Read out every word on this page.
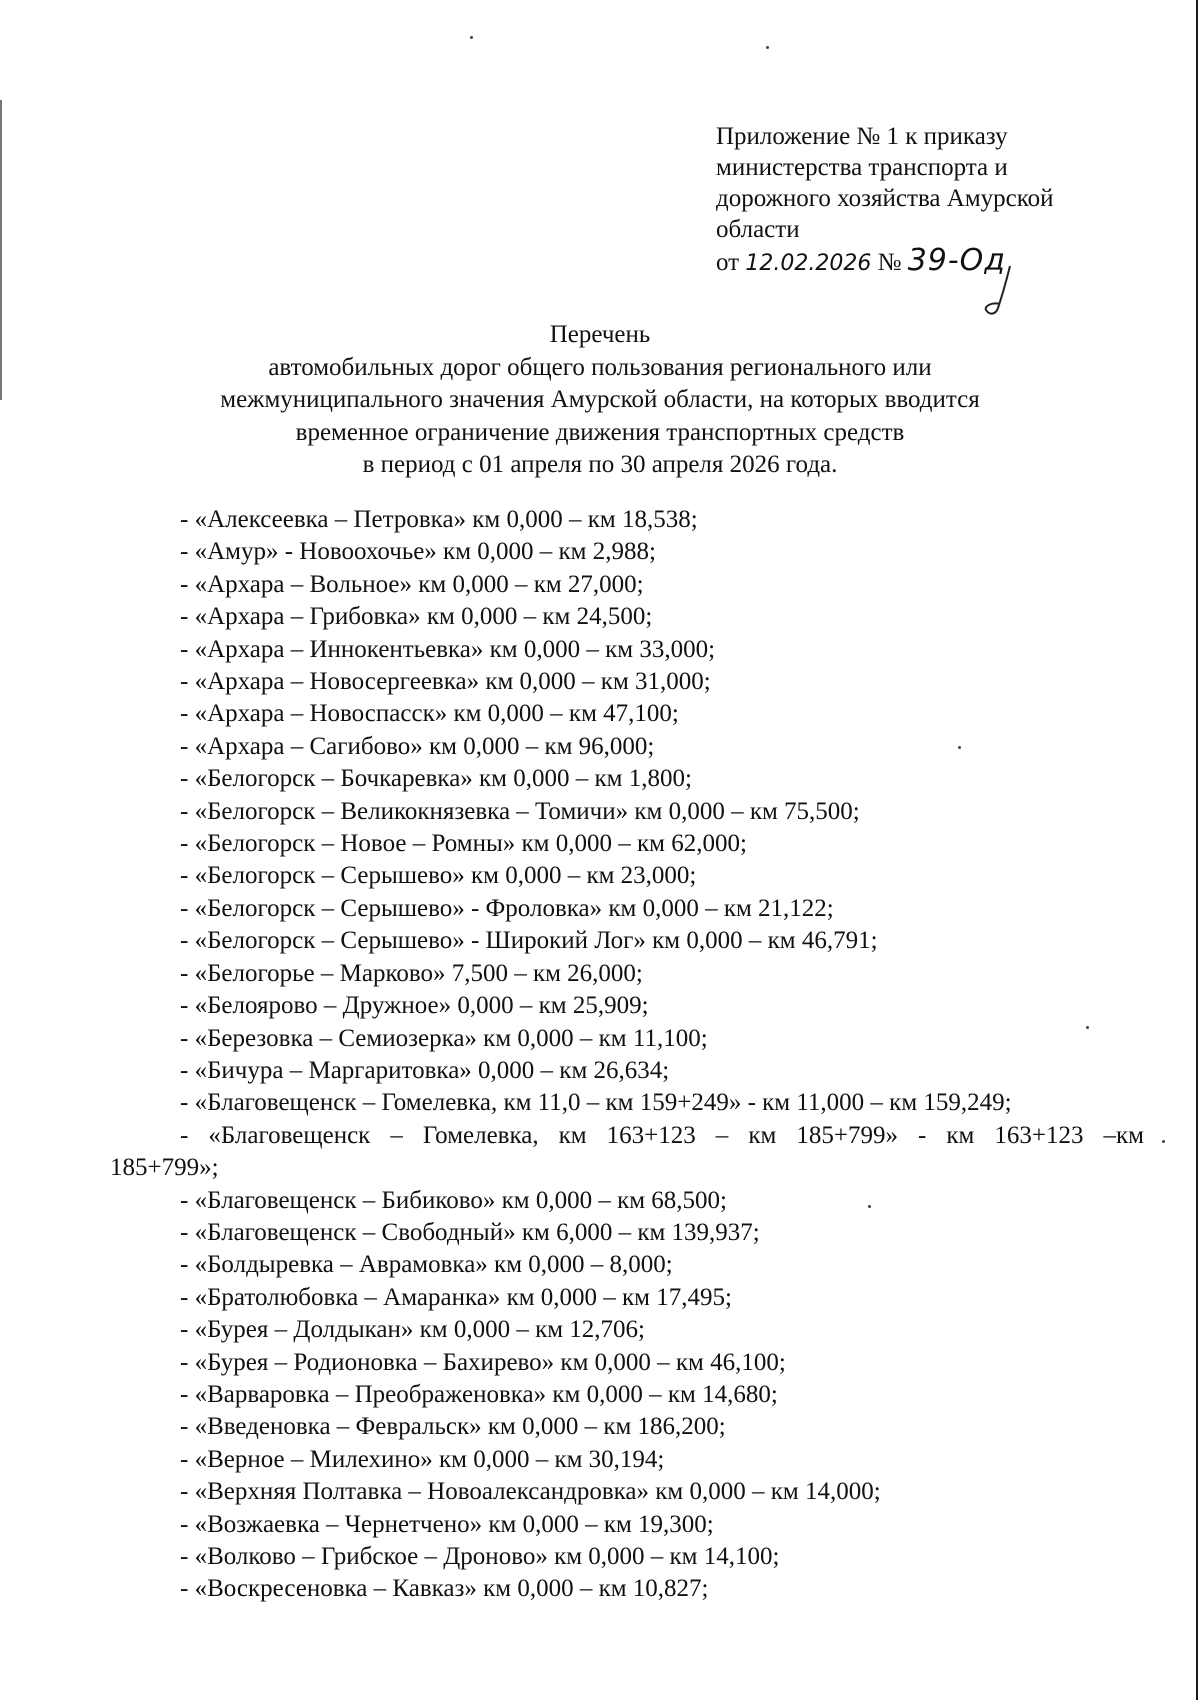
Приложение № 1 к приказу
министерства транспорта и
дорожного хозяйства Амурской
области
от 12.02.2026 № 39-Од
Перечень
автомобильных дорог общего пользования регионального или
межмуниципального значения Амурской области, на которых вводится
временное ограничение движения транспортных средств
в период с 01 апреля по 30 апреля 2026 года.
- «Алексеевка – Петровка» км 0,000 – км 18,538;
- «Амур» - Новоохочье» км 0,000 – км 2,988;
- «Архара – Вольное» км 0,000 – км 27,000;
- «Архара – Грибовка» км 0,000 – км 24,500;
- «Архара – Иннокентьевка» км 0,000 – км 33,000;
- «Архара – Новосергеевка» км 0,000 – км 31,000;
- «Архара – Новоспасск» км 0,000 – км 47,100;
- «Архара – Сагибово» км 0,000 – км 96,000;
- «Белогорск – Бочкаревка» км 0,000 – км 1,800;
- «Белогорск – Великокнязевка – Томичи» км 0,000 – км 75,500;
- «Белогорск – Новое – Ромны» км 0,000 – км 62,000;
- «Белогорск – Серышево» км 0,000 – км 23,000;
- «Белогорск – Серышево» - Фроловка» км 0,000 – км 21,122;
- «Белогорск – Серышево» - Широкий Лог» км 0,000 – км 46,791;
- «Белогорье – Марково» 7,500 – км 26,000;
- «Белоярово – Дружное» 0,000 – км 25,909;
- «Березовка – Семиозерка» км 0,000 – км 11,100;
- «Бичура – Маргаритовка» 0,000 – км 26,634;
- «Благовещенск – Гомелевка, км 11,0 – км 159+249» - км 11,000 – км 159,249;
- «Благовещенск – Гомелевка, км 163+123 – км 185+799» - км 163+123 –км
185+799»;
- «Благовещенск – Бибиково» км 0,000 – км 68,500;
- «Благовещенск – Свободный» км 6,000 – км 139,937;
- «Болдыревка – Аврамовка» км 0,000 – 8,000;
- «Братолюбовка – Амаранка» км 0,000 – км 17,495;
- «Бурея – Долдыкан» км 0,000 – км 12,706;
- «Бурея – Родионовка – Бахирево» км 0,000 – км 46,100;
- «Варваровка – Преображеновка» км 0,000 – км 14,680;
- «Введеновка – Февральск» км 0,000 – км 186,200;
- «Верное – Милехино» км 0,000 – км 30,194;
- «Верхняя Полтавка – Новоалександровка» км 0,000 – км 14,000;
- «Возжаевка – Чернетчено» км 0,000 – км 19,300;
- «Волково – Грибское – Дроново» км 0,000 – км 14,100;
- «Воскресеновка – Кавказ» км 0,000 – км 10,827;
